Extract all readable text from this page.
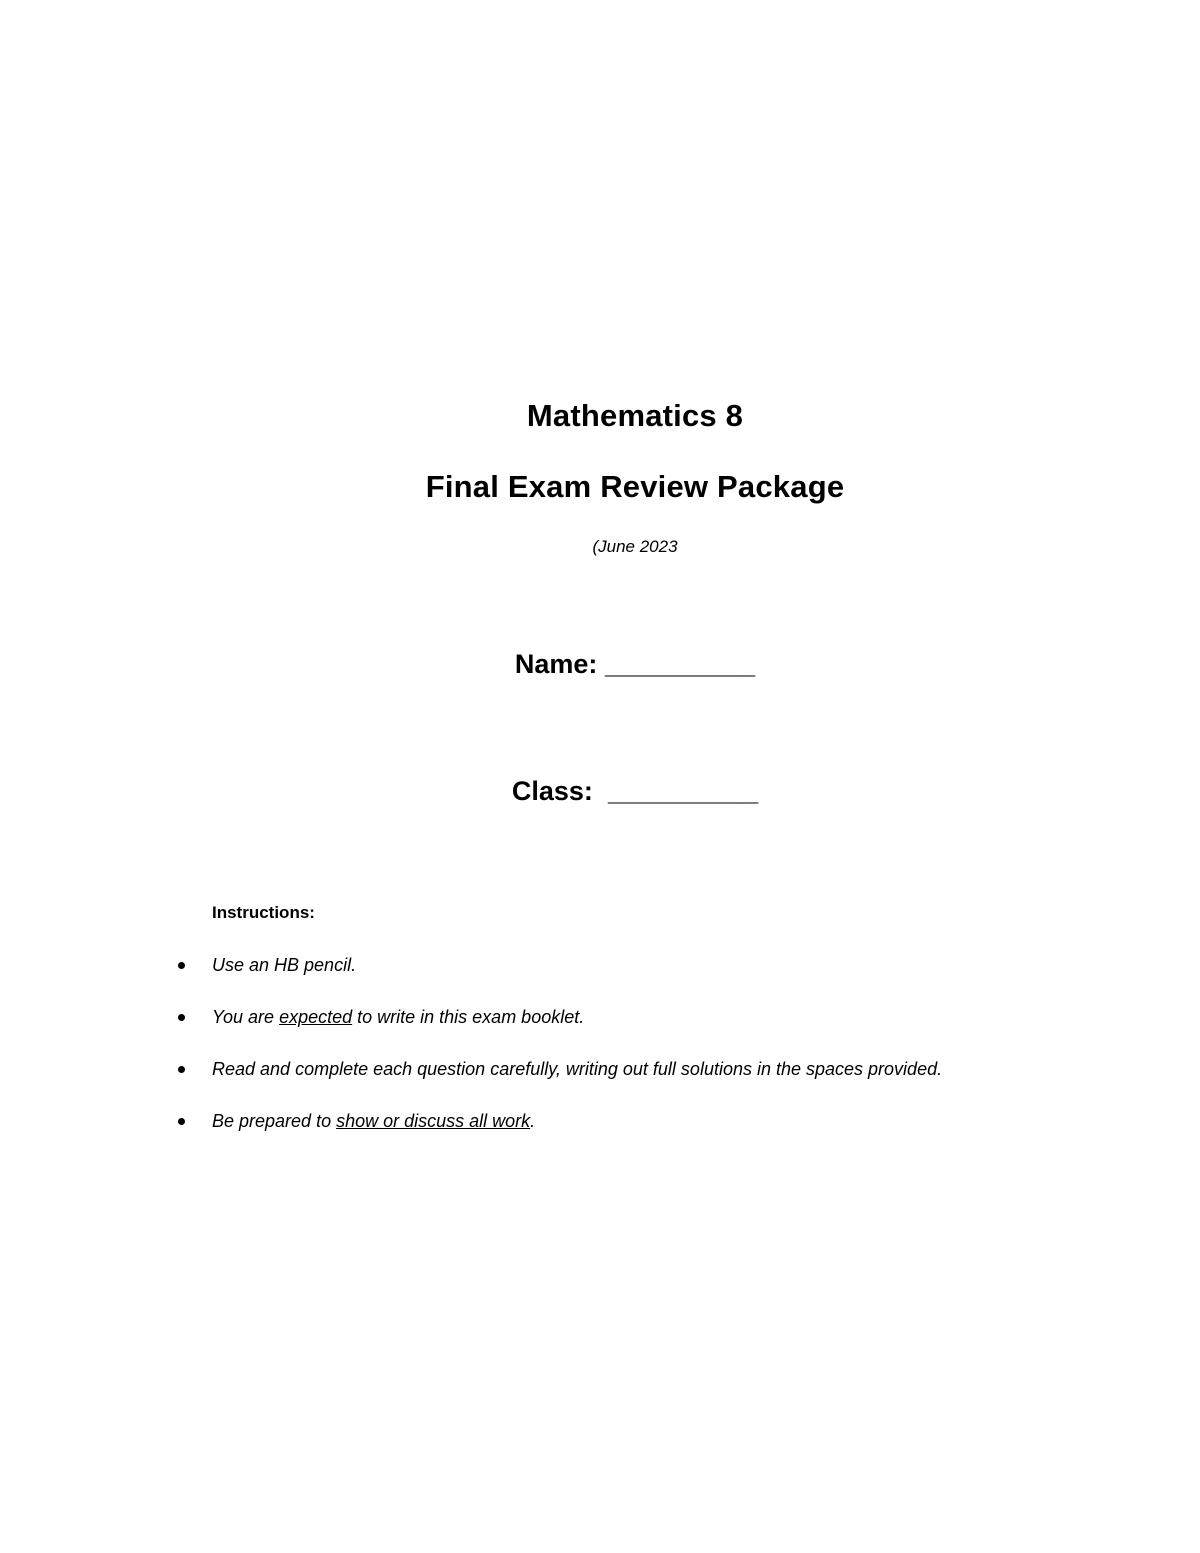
Mathematics 8
Final Exam Review Package
(June 2023
Name: __________
Class: __________
Instructions:
Use an HB pencil.
You are expected to write in this exam booklet.
Read and complete each question carefully, writing out full solutions in the spaces provided.
Be prepared to show or discuss all work.
